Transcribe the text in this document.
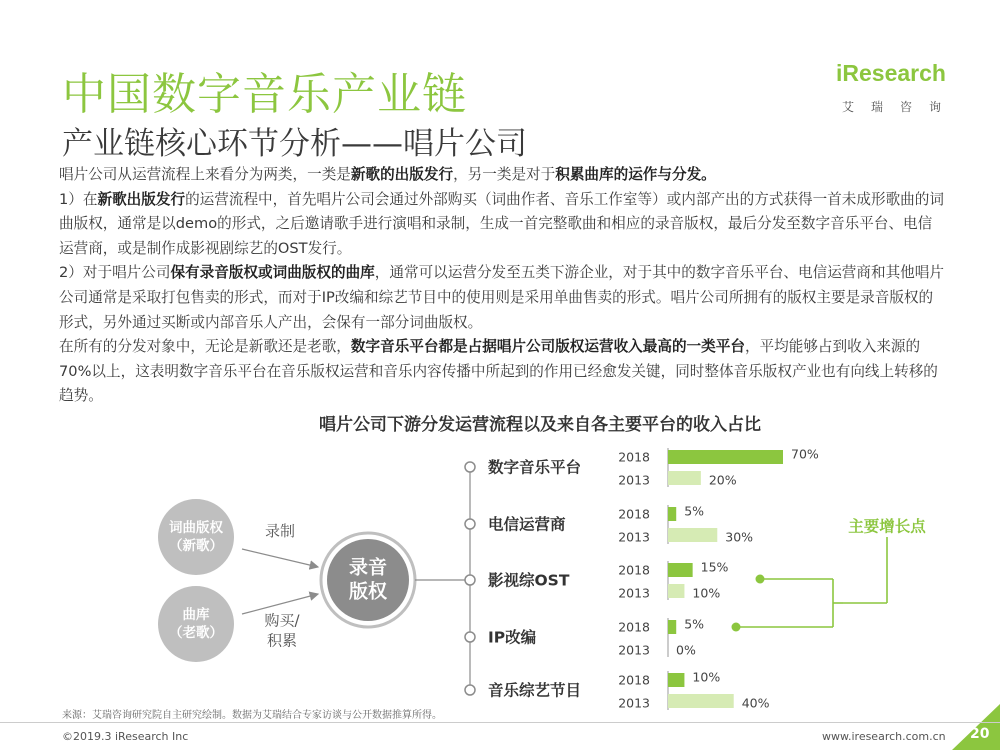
中国数字音乐产业链
产业链核心环节分析——唱片公司
iResearch
艾瑞咨询

唱片公司从运营流程上来看分为两类，一类是新歌的出版发行，另一类是对于积累曲库的运作与分发。

1）在新歌出版发行的运营流程中，首先唱片公司会通过外部购买（词曲作者、音乐工作室等）或内部产出的方式获得一首未成形歌曲的词曲版权，通常是以demo的形式，之后邀请歌手进行演唱和录制，生成一首完整歌曲和相应的录音版权，最后分发至数字音乐平台、电信运营商，或是制作成影视剧综艺的OST发行。

2）对于唱片公司保有录音版权或词曲版权的曲库，通常可以运营分发至五类下游企业，对于其中的数字音乐平台、电信运营商和其他唱片公司通常是采取打包售卖的形式，而对于IP改编和综艺节目中的使用则是采用单曲售卖的形式。唱片公司所拥有的版权主要是录音版权的形式，另外通过买断或内部音乐人产出，会保有一部分词曲版权。

在所有的分发对象中，无论是新歌还是老歌，数字音乐平台都是占据唱片公司版权运营收入最高的一类平台，平均能够占到收入来源的70%以上，这表明数字音乐平台在音乐版权运营和音乐内容传播中所起到的作用已经愈发关键，同时整体音乐版权产业也有向线上转移的趋势。

唱片公司下游分发运营流程以及来自各主要平台的收入占比
词曲版权
（新歌）
曲库
（老歌）
录制
购买/
积累
录音
版权
数字音乐平台
2018
2013
70%
20%
电信运营商
2018
2013
5%
30%
影视综OST
2018
2013
15%
10%
IP改编
2018
2013
5%
0%
音乐综艺节目
2018
2013
10%
40%
主要增长点
来源：艾瑞咨询研究院自主研究绘制。数据为艾瑞结合专家访谈与公开数据推算所得。
©2019.3 iResearch Inc	www.iresearch.com.cn 20
